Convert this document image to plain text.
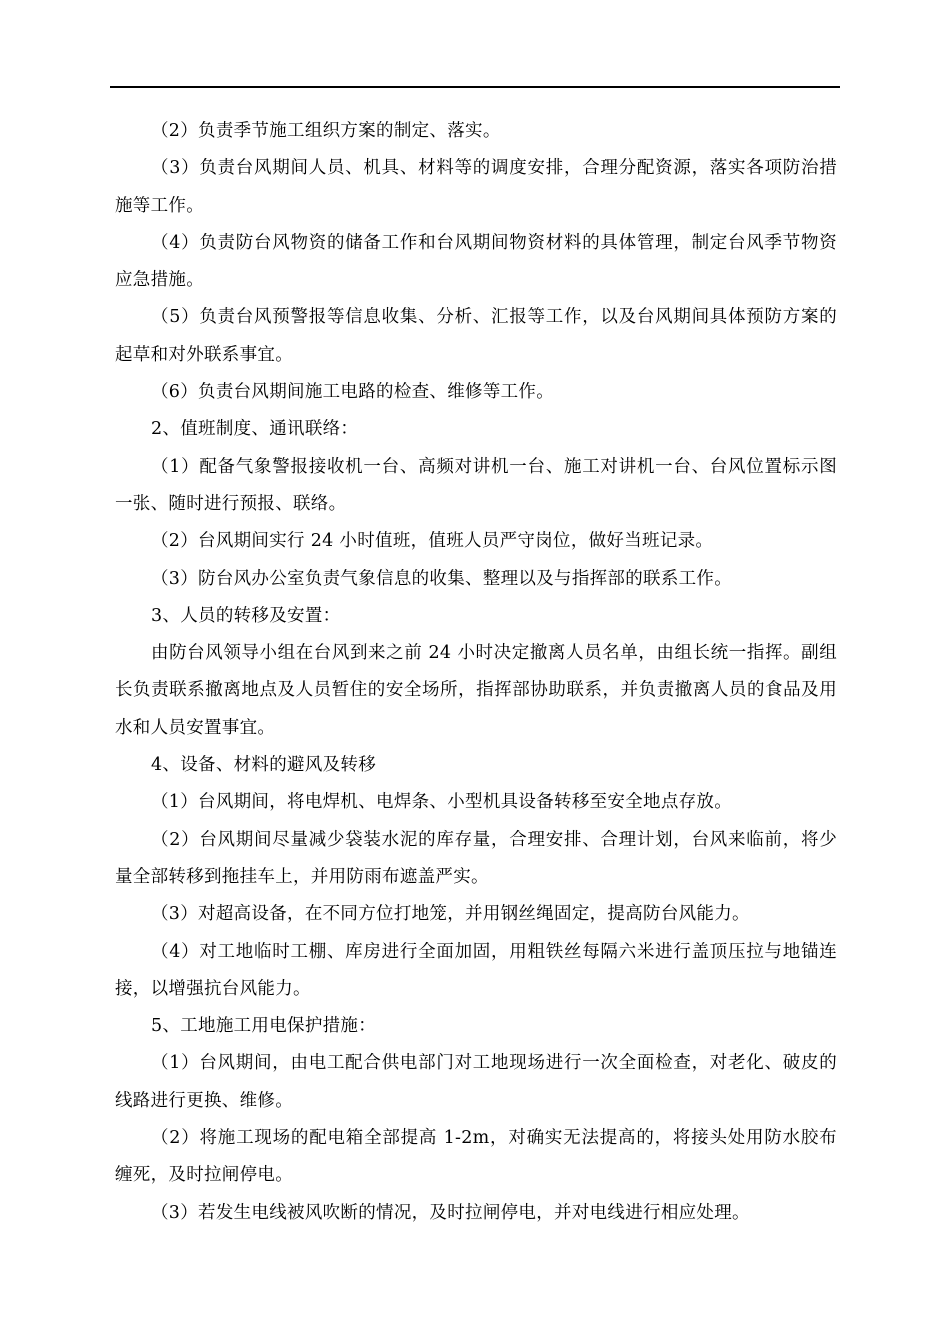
（2）负责季节施工组织方案的制定、落实。

（3）负责台风期间人员、机具、材料等的调度安排，合理分配资源，落实各项防治措施等工作。

（4）负责防台风物资的储备工作和台风期间物资材料的具体管理，制定台风季节物资应急措施。

（5）负责台风预警报等信息收集、分析、汇报等工作，以及台风期间具体预防方案的起草和对外联系事宜。

（6）负责台风期间施工电路的检查、维修等工作。

2、值班制度、通讯联络：

（1）配备气象警报接收机一台、高频对讲机一台、施工对讲机一台、台风位置标示图一张、随时进行预报、联络。

（2）台风期间实行 24 小时值班，值班人员严守岗位，做好当班记录。

（3）防台风办公室负责气象信息的收集、整理以及与指挥部的联系工作。

3、人员的转移及安置：

由防台风领导小组在台风到来之前 24 小时决定撤离人员名单，由组长统一指挥。副组长负责联系撤离地点及人员暂住的安全场所，指挥部协助联系，并负责撤离人员的食品及用水和人员安置事宜。

4、设备、材料的避风及转移

（1）台风期间，将电焊机、电焊条、小型机具设备转移至安全地点存放。

（2）台风期间尽量减少袋装水泥的库存量，合理安排、合理计划，台风来临前，将少量全部转移到拖挂车上，并用防雨布遮盖严实。

（3）对超高设备，在不同方位打地笼，并用钢丝绳固定，提高防台风能力。

（4）对工地临时工棚、库房进行全面加固，用粗铁丝每隔六米进行盖顶压拉与地锚连接，以增强抗台风能力。

5、工地施工用电保护措施：

（1）台风期间，由电工配合供电部门对工地现场进行一次全面检查，对老化、破皮的线路进行更换、维修。

（2）将施工现场的配电箱全部提高 1-2m，对确实无法提高的，将接头处用防水胶布缠死，及时拉闸停电。

（3）若发生电线被风吹断的情况，及时拉闸停电，并对电线进行相应处理。
